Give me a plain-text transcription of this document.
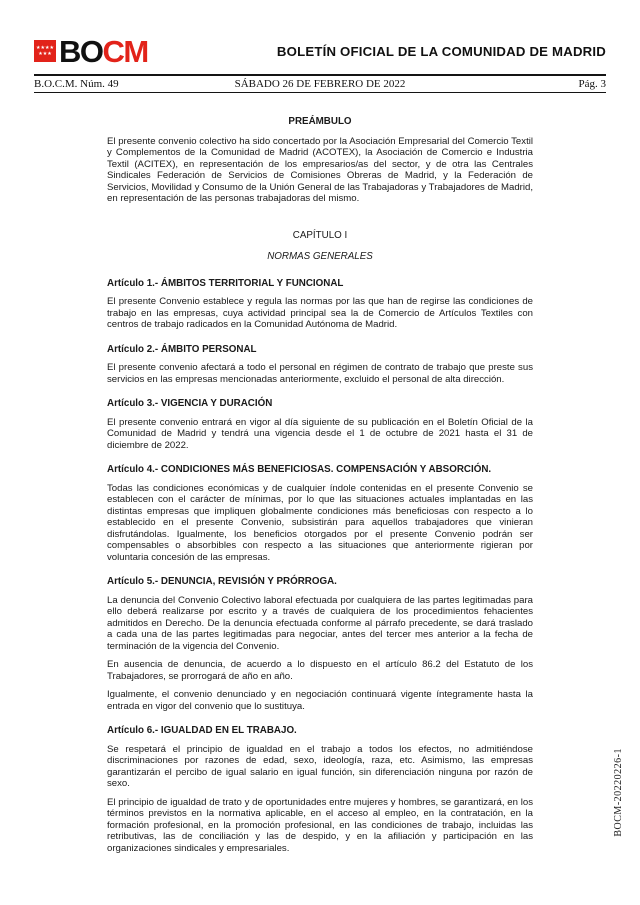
★★★★
★★★ BOCM	BOLETÍN OFICIAL DE LA COMUNIDAD DE MADRID
SÁBADO 26 DE FEBRERO DE 2022
B.O.C.M. Núm. 49	Pág. 3
PREÁMBULO

El presente convenio colectivo ha sido concertado por la Asociación Empresarial del Comercio Textil y Complementos de la Comunidad de Madrid (ACOTEX), la Asociación de Comercio e Industria Textil (ACITEX), en representación de los empresarios/as del sector, y de otra las Centrales Sindicales Federación de Servicios de Comisiones Obreras de Madrid, y la Federación de Servicios, Movilidad y Consumo de la Unión General de las Trabajadoras y Trabajadores de Madrid, en representación de las personas trabajadoras del mismo.

CAPÍTULO I
NORMAS GENERALES
Artículo 1.- ÁMBITOS TERRITORIAL Y FUNCIONAL

El presente Convenio establece y regula las normas por las que han de regirse las condiciones de trabajo en las empresas, cuya actividad principal sea la de Comercio de Artículos Textiles con centros de trabajo radicados en la Comunidad Autónoma de Madrid.

Artículo 2.- ÁMBITO PERSONAL

El presente convenio afectará a todo el personal en régimen de contrato de trabajo que preste sus servicios en las empresas mencionadas anteriormente, excluido el personal de alta dirección.

Artículo 3.- VIGENCIA Y DURACIÓN

El presente convenio entrará en vigor al día siguiente de su publicación en el Boletín Oficial de la Comunidad de Madrid y tendrá una vigencia desde el 1 de octubre de 2021 hasta el 31 de diciembre de 2022.

Artículo 4.- CONDICIONES MÁS BENEFICIOSAS. COMPENSACIÓN Y ABSORCIÓN.

Todas las condiciones económicas y de cualquier índole contenidas en el presente Convenio se establecen con el carácter de mínimas, por lo que las situaciones actuales implantadas en las distintas empresas que impliquen globalmente condiciones más beneficiosas con respecto a lo establecido en el presente Convenio, subsistirán para aquellos trabajadores que vinieran disfrutándolas. Igualmente, los beneficios otorgados por el presente Convenio podrán ser compensables o absorbibles con respecto a las situaciones que anteriormente rigieran por voluntaria concesión de las empresas.

Artículo 5.- DENUNCIA, REVISIÓN Y PRÓRROGA.

La denuncia del Convenio Colectivo laboral efectuada por cualquiera de las partes legitimadas para ello deberá realizarse por escrito y a través de cualquiera de los procedimientos fehacientes admitidos en Derecho. De la denuncia efectuada conforme al párrafo precedente, se dará traslado a cada una de las partes legitimadas para negociar, antes del tercer mes anterior a la fecha de terminación de la vigencia del Convenio.

En ausencia de denuncia, de acuerdo a lo dispuesto en el artículo 86.2 del Estatuto de los Trabajadores, se prorrogará de año en año.

Igualmente, el convenio denunciado y en negociación continuará vigente íntegramente hasta la entrada en vigor del convenio que lo sustituya.

Artículo 6.- IGUALDAD EN EL TRABAJO.

Se respetará el principio de igualdad en el trabajo a todos los efectos, no admitiéndose discriminaciones por razones de edad, sexo, ideología, raza, etc. Asimismo, las empresas garantizarán el percibo de igual salario en igual función, sin diferenciación ninguna por razón de sexo.

El principio de igualdad de trato y de oportunidades entre mujeres y hombres, se garantizará, en los términos previstos en la normativa aplicable, en el acceso al empleo, en la contratación, en la formación profesional, en la promoción profesional, en las condiciones de trabajo, incluidas las retributivas, las de conciliación y las de despido, y en la afiliación y participación en las organizaciones sindicales y empresariales.

BOCM-20220226-1
